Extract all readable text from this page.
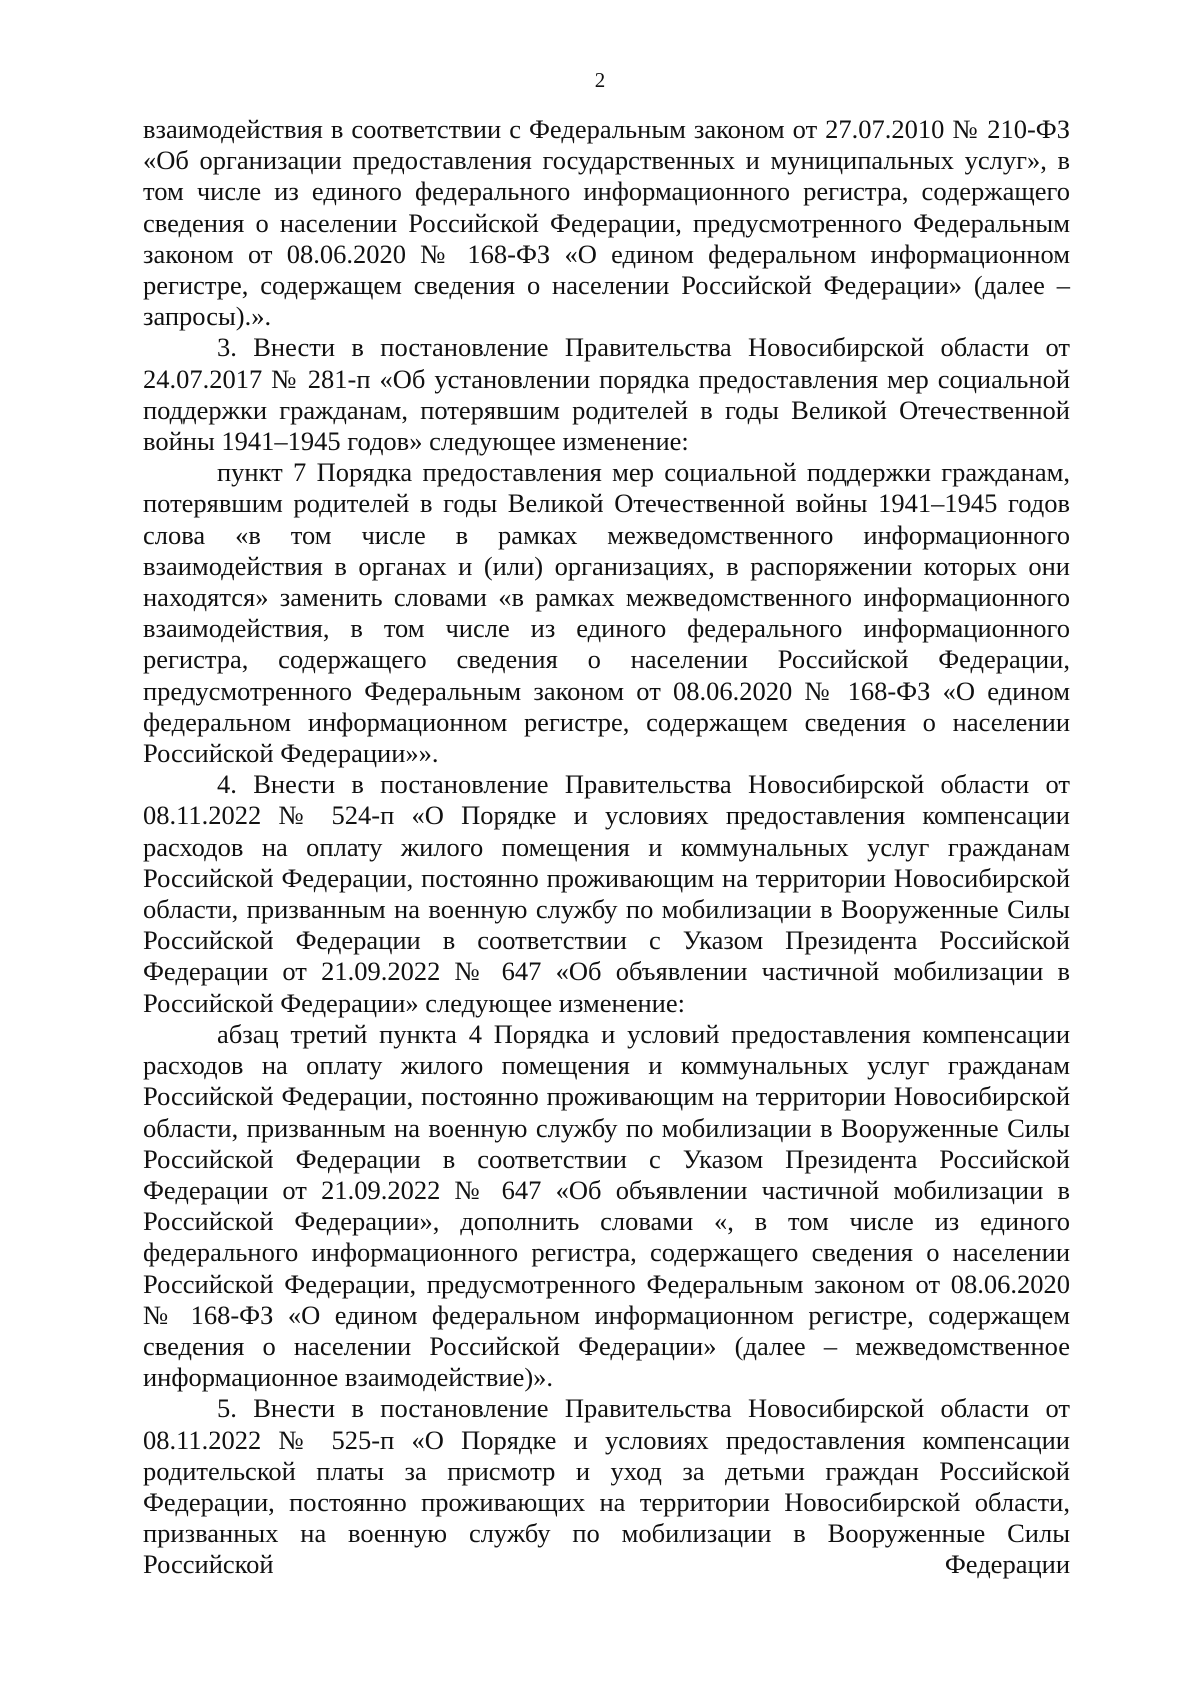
2

взаимодействия в соответствии с Федеральным законом от 27.07.2010 № 210-ФЗ «Об организации предоставления государственных и муниципальных услуг», в том числе из единого федерального информационного регистра, содержащего сведения о населении Российской Федерации, предусмотренного Федеральным законом от 08.06.2020 № 168-ФЗ «О едином федеральном информационном регистре, содержащем сведения о населении Российской Федерации» (далее – запросы).».

3. Внести в постановление Правительства Новосибирской области от 24.07.2017 № 281-п «Об установлении порядка предоставления мер социальной поддержки гражданам, потерявшим родителей в годы Великой Отечественной войны 1941–1945 годов» следующее изменение:

пункт 7 Порядка предоставления мер социальной поддержки гражданам, потерявшим родителей в годы Великой Отечественной войны 1941–1945 годов слова «в том числе в рамках межведомственного информационного взаимодействия в органах и (или) организациях, в распоряжении которых они находятся» заменить словами «в рамках межведомственного информационного взаимодействия, в том числе из единого федерального информационного регистра, содержащего сведения о населении Российской Федерации, предусмотренного Федеральным законом от 08.06.2020 № 168-ФЗ «О едином федеральном информационном регистре, содержащем сведения о населении Российской Федерации»».

4. Внести в постановление Правительства Новосибирской области от 08.11.2022 № 524-п «О Порядке и условиях предоставления компенсации расходов на оплату жилого помещения и коммунальных услуг гражданам Российской Федерации, постоянно проживающим на территории Новосибирской области, призванным на военную службу по мобилизации в Вооруженные Силы Российской Федерации в соответствии с Указом Президента Российской Федерации от 21.09.2022 № 647 «Об объявлении частичной мобилизации в Российской Федерации» следующее изменение:

абзац третий пункта 4 Порядка и условий предоставления компенсации расходов на оплату жилого помещения и коммунальных услуг гражданам Российской Федерации, постоянно проживающим на территории Новосибирской области, призванным на военную службу по мобилизации в Вооруженные Силы Российской Федерации в соответствии с Указом Президента Российской Федерации от 21.09.2022 № 647 «Об объявлении частичной мобилизации в Российской Федерации», дополнить словами «, в том числе из единого федерального информационного регистра, содержащего сведения о населении Российской Федерации, предусмотренного Федеральным законом от 08.06.2020 № 168-ФЗ «О едином федеральном информационном регистре, содержащем сведения о населении Российской Федерации» (далее – межведомственное информационное взаимодействие)».

5. Внести в постановление Правительства Новосибирской области от 08.11.2022 № 525-п «О Порядке и условиях предоставления компенсации родительской платы за присмотр и уход за детьми граждан Российской Федерации, постоянно проживающих на территории Новосибирской области, призванных на военную службу по мобилизации в Вооруженные Силы Российской Федерации
